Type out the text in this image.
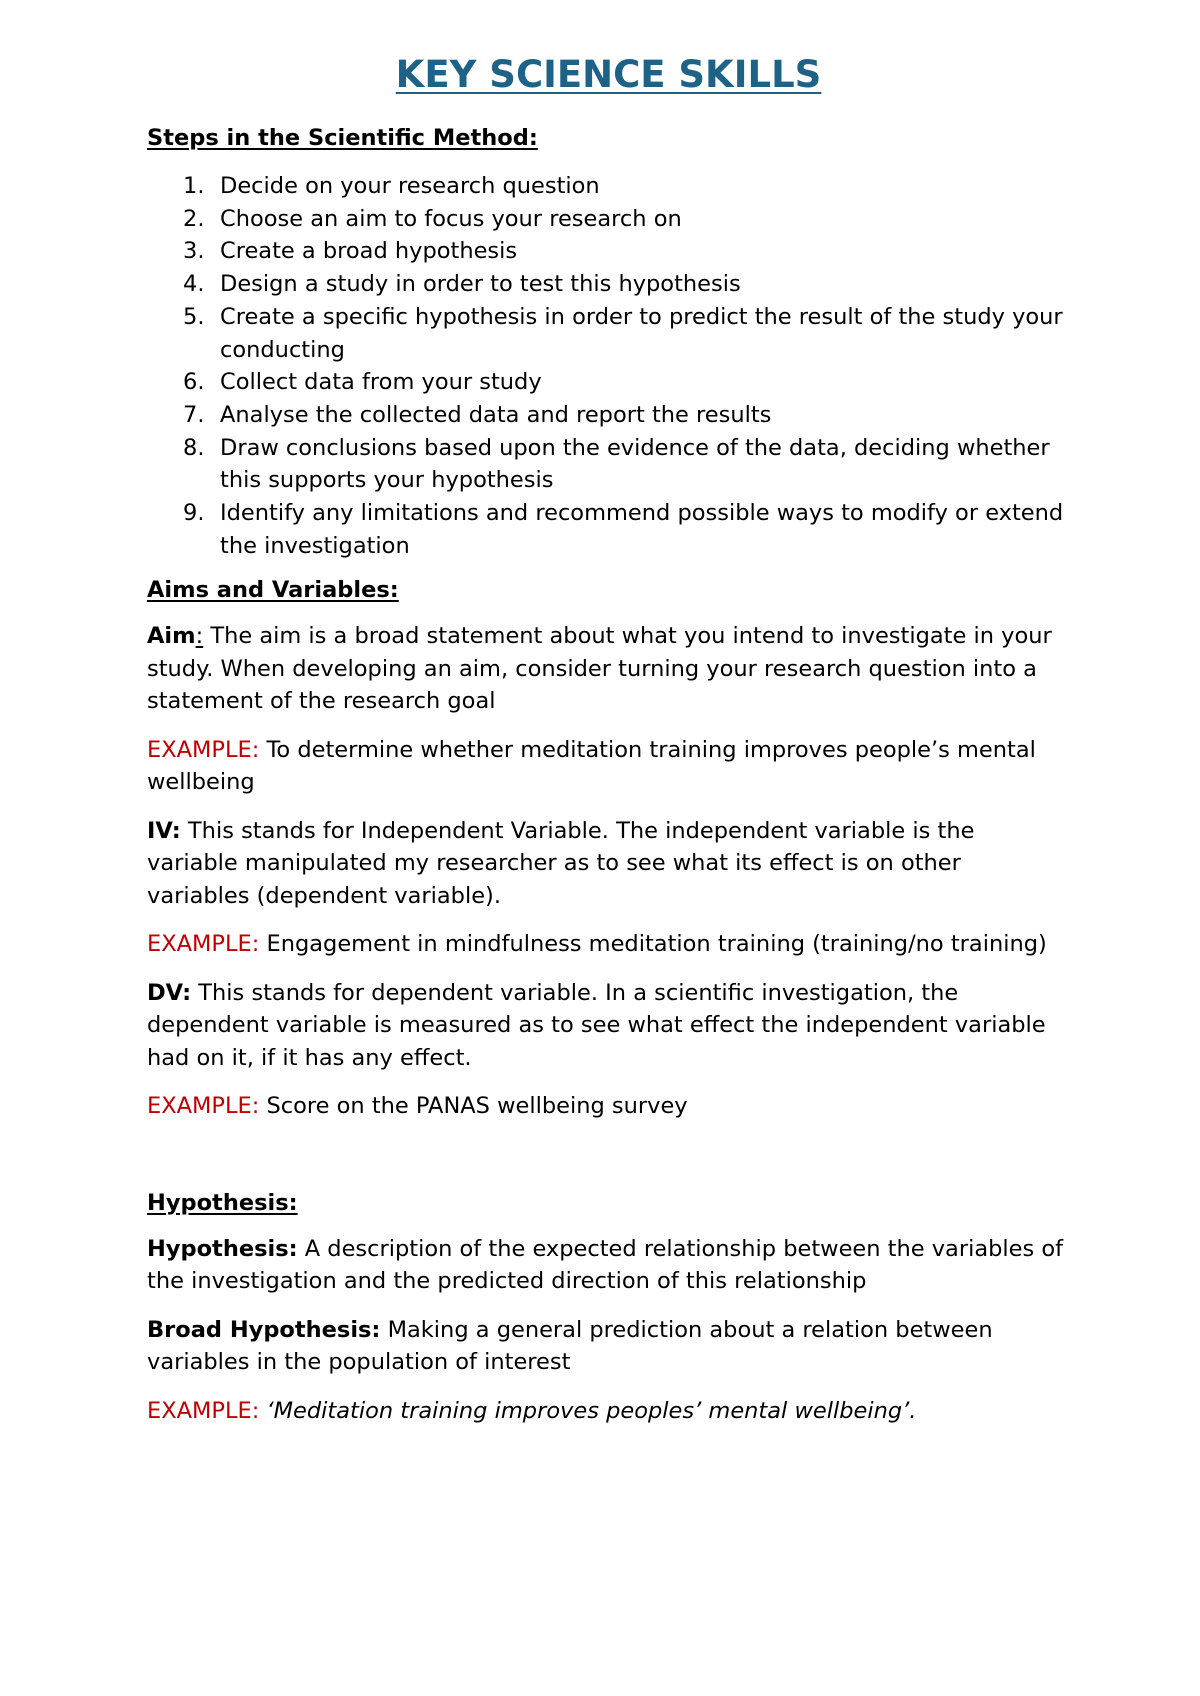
KEY SCIENCE SKILLS
Steps in the Scientific Method:
1. Decide on your research question
2. Choose an aim to focus your research on
3. Create a broad hypothesis
4. Design a study in order to test this hypothesis
5. Create a specific hypothesis in order to predict the result of the study your conducting
6. Collect data from your study
7. Analyse the collected data and report the results
8. Draw conclusions based upon the evidence of the data, deciding whether this supports your hypothesis
9. Identify any limitations and recommend possible ways to modify or extend the investigation
Aims and Variables:

Aim: The aim is a broad statement about what you intend to investigate in your study. When developing an aim, consider turning your research question into a statement of the research goal

EXAMPLE: To determine whether meditation training improves people’s mental wellbeing

IV: This stands for Independent Variable. The independent variable is the variable manipulated my researcher as to see what its effect is on other variables (dependent variable).

EXAMPLE: Engagement in mindfulness meditation training (training/no training)

DV: This stands for dependent variable. In a scientific investigation, the dependent variable is measured as to see what effect the independent variable had on it, if it has any effect.

EXAMPLE: Score on the PANAS wellbeing survey

Hypothesis:

Hypothesis: A description of the expected relationship between the variables of the investigation and the predicted direction of this relationship

Broad Hypothesis: Making a general prediction about a relation between variables in the population of interest

EXAMPLE: ‘Meditation training improves peoples’ mental wellbeing’.
